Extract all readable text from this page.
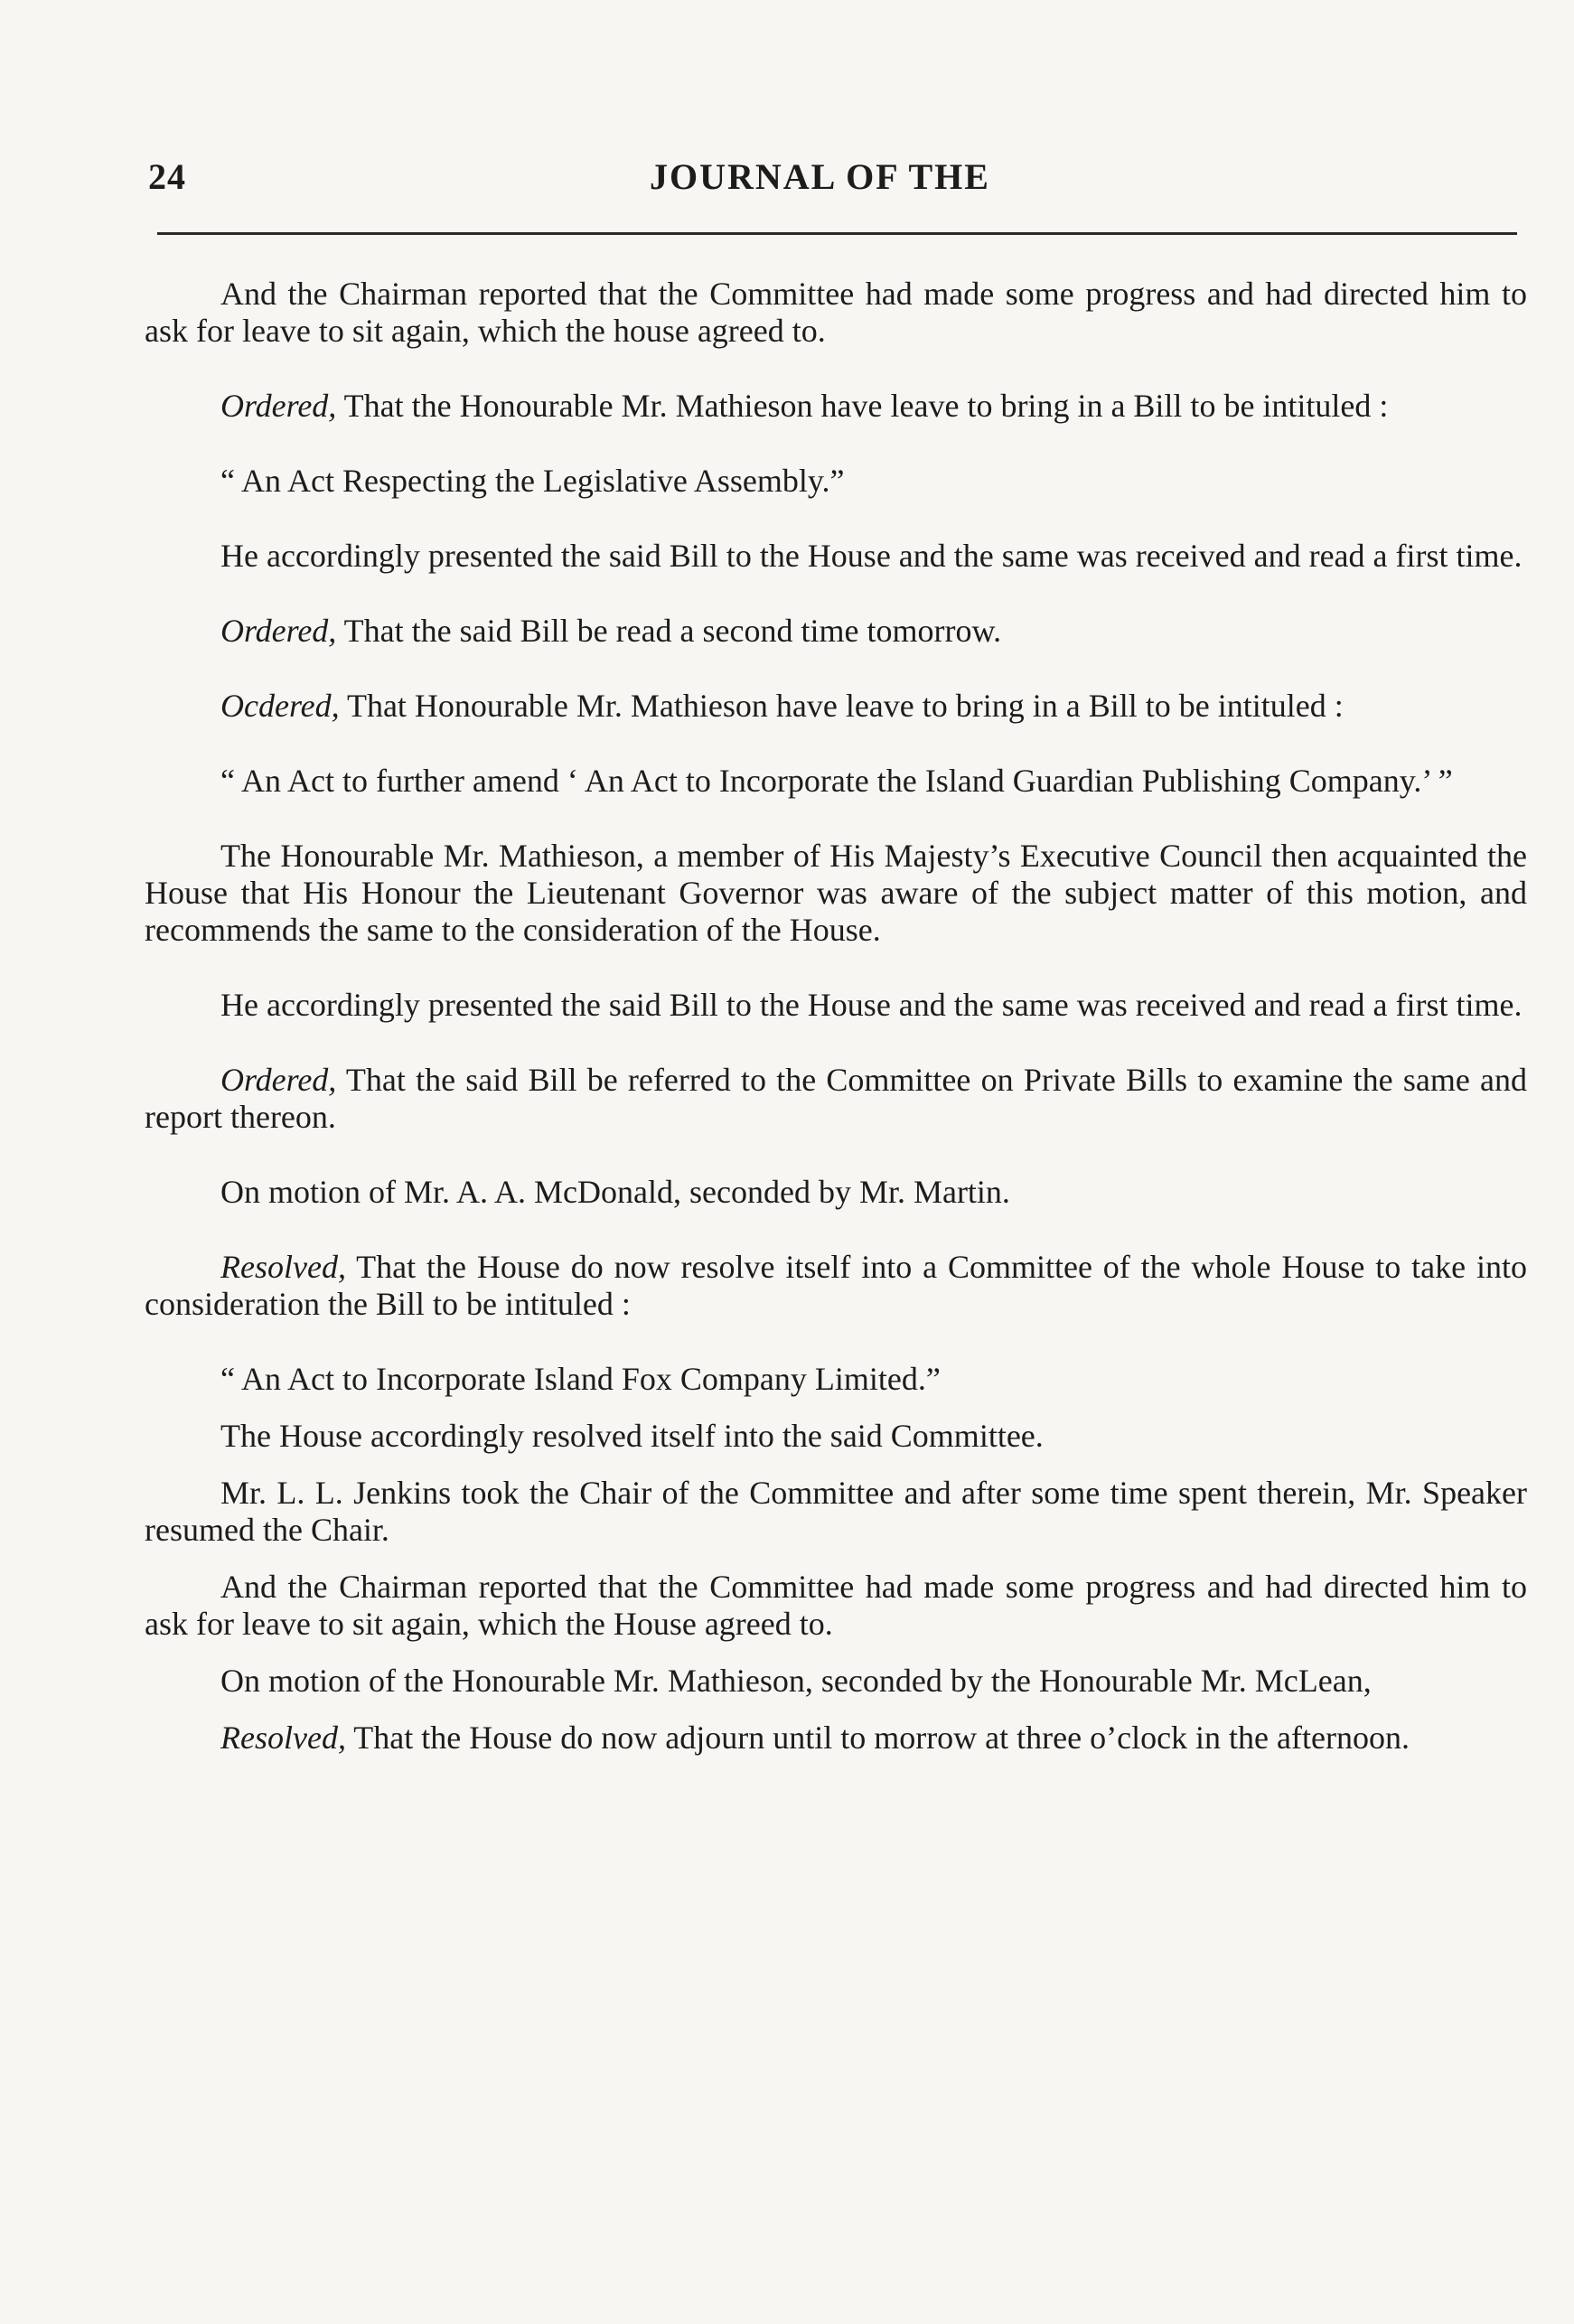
24	JOURNAL OF THE

And the Chairman reported that the Committee had made some progress and had directed him to ask for leave to sit again, which the house agreed to.

Ordered, That the Honourable Mr. Mathieson have leave to bring in a Bill to be intituled :

“ An Act Respecting the Legislative Assembly.”

He accordingly presented the said Bill to the House and the same was received and read a first time.

Ordered, That the said Bill be read a second time tomorrow.

Ocdered, That Honourable Mr. Mathieson have leave to bring in a Bill to be intituled :

“ An Act to further amend ‘ An Act to Incorporate the Island Guardian Publishing Company.’ ”

The Honourable Mr. Mathieson, a member of His Majesty’s Executive Council then acquainted the House that His Honour the Lieutenant Governor was aware of the subject matter of this motion, and recommends the same to the consideration of the House.

He accordingly presented the said Bill to the House and the same was received and read a first time.

Ordered, That the said Bill be referred to the Committee on Private Bills to examine the same and report thereon.

On motion of Mr. A. A. McDonald, seconded by Mr. Martin.

Resolved, That the House do now resolve itself into a Committee of the whole House to take into consideration the Bill to be intituled :

“ An Act to Incorporate Island Fox Company Limited.”

The House accordingly resolved itself into the said Committee.

Mr. L. L. Jenkins took the Chair of the Committee and after some time spent therein, Mr. Speaker resumed the Chair.

And the Chairman reported that the Committee had made some progress and had directed him to ask for leave to sit again, which the House agreed to.

On motion of the Honourable Mr. Mathieson, seconded by the Honourable Mr. McLean,

Resolved, That the House do now adjourn until to morrow at three o’clock in the afternoon.
